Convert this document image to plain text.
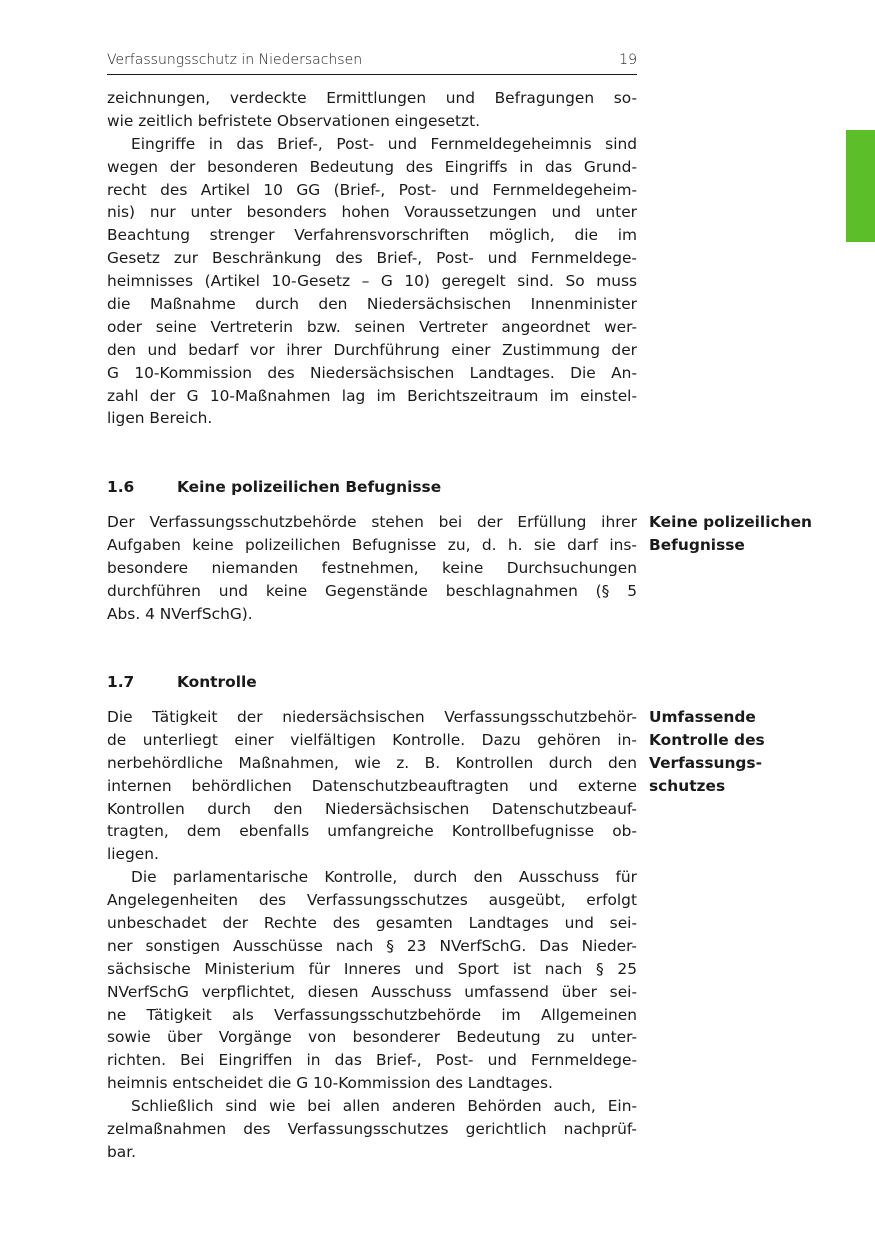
Verfassungsschutz in Niedersachsen	19
zeichnungen, verdeckte Ermittlungen und Befragungen so-
wie zeitlich befristete Observationen eingesetzt.
Eingriffe in das Brief-, Post- und Fernmeldegeheimnis sind
wegen der besonderen Bedeutung des Eingriffs in das Grund-
recht des Artikel 10 GG (Brief-, Post- und Fernmeldegeheim-
nis) nur unter besonders hohen Voraussetzungen und unter
Beachtung strenger Verfahrensvorschriften möglich, die im
Gesetz zur Beschränkung des Brief-, Post- und Fernmeldege-
heimnisses (Artikel 10-Gesetz – G 10) geregelt sind. So muss
die Maßnahme durch den Niedersächsischen Innenminister
oder seine Vertreterin bzw. seinen Vertreter angeordnet wer-
den und bedarf vor ihrer Durchführung einer Zustimmung der
G 10-Kommission des Niedersächsischen Landtages. Die An-
zahl der G 10-Maßnahmen lag im Berichtszeitraum im einstel-
ligen Bereich.
1.6	Keine polizeilichen Befugnisse
Der Verfassungsschutzbehörde stehen bei der Erfüllung ihrer
Aufgaben keine polizeilichen Befugnisse zu, d. h. sie darf ins-
besondere niemanden festnehmen, keine Durchsuchungen
durchführen und keine Gegenstände beschlagnahmen (§ 5
Abs. 4 NVerfSchG).
Keine polizeilichen
Befugnisse
1.7	Kontrolle
Die Tätigkeit der niedersächsischen Verfassungsschutzbehör-
de unterliegt einer vielfältigen Kontrolle. Dazu gehören in-
nerbehördliche Maßnahmen, wie z. B. Kontrollen durch den
internen behördlichen Datenschutzbeauftragten und externe
Kontrollen durch den Niedersächsischen Datenschutzbeauf-
tragten, dem ebenfalls umfangreiche Kontrollbefugnisse ob-
liegen.
Die parlamentarische Kontrolle, durch den Ausschuss für
Angelegenheiten des Verfassungsschutzes ausgeübt, erfolgt
unbeschadet der Rechte des gesamten Landtages und sei-
ner sonstigen Ausschüsse nach § 23 NVerfSchG. Das Nieder-
sächsische Ministerium für Inneres und Sport ist nach § 25
NVerfSchG verpflichtet, diesen Ausschuss umfassend über sei-
ne Tätigkeit als Verfassungsschutzbehörde im Allgemeinen
sowie über Vorgänge von besonderer Bedeutung zu unter-
richten. Bei Eingriffen in das Brief-, Post- und Fernmeldege-
heimnis entscheidet die G 10-Kommission des Landtages.
Schließlich sind wie bei allen anderen Behörden auch, Ein-
zelmaßnahmen des Verfassungsschutzes gerichtlich nachprüf-
bar.
Umfassende
Kontrolle des
Verfassungs-
schutzes
